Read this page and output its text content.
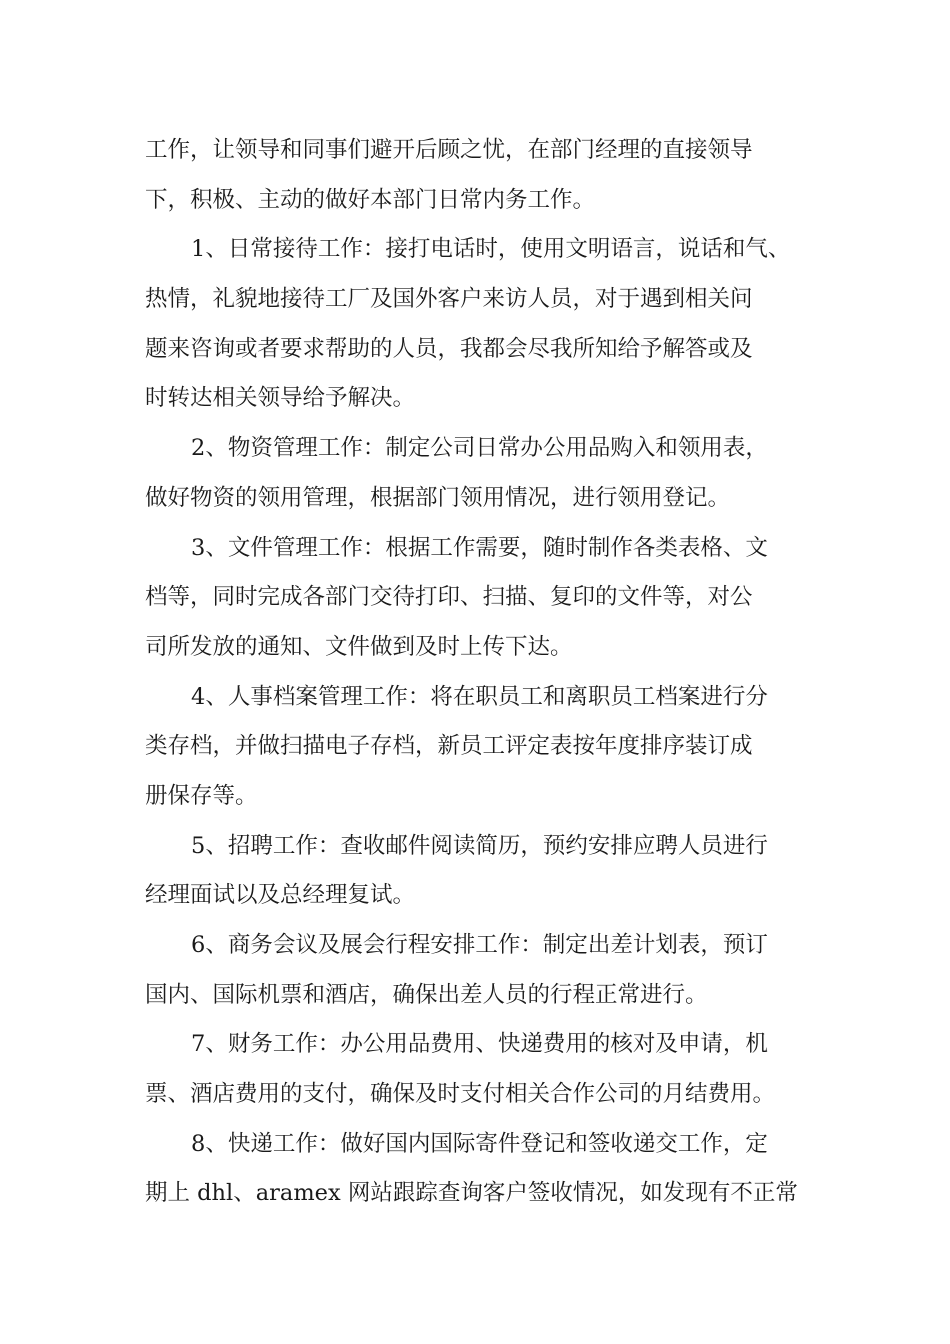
工作，让领导和同事们避开后顾之忧，在部门经理的直接领导
下，积极、主动的做好本部门日常内务工作。
1、日常接待工作：接打电话时，使用文明语言，说话和气、
热情，礼貌地接待工厂及国外客户来访人员，对于遇到相关问
题来咨询或者要求帮助的人员，我都会尽我所知给予解答或及
时转达相关领导给予解决。
2、物资管理工作：制定公司日常办公用品购入和领用表，
做好物资的领用管理，根据部门领用情况，进行领用登记。
3、文件管理工作：根据工作需要，随时制作各类表格、文
档等，同时完成各部门交待打印、扫描、复印的文件等，对公
司所发放的通知、文件做到及时上传下达。
4、人事档案管理工作：将在职员工和离职员工档案进行分
类存档，并做扫描电子存档，新员工评定表按年度排序装订成
册保存等。
5、招聘工作：查收邮件阅读简历，预约安排应聘人员进行
经理面试以及总经理复试。
6、商务会议及展会行程安排工作：制定出差计划表，预订
国内、国际机票和酒店，确保出差人员的行程正常进行。
7、财务工作：办公用品费用、快递费用的核对及申请，机
票、酒店费用的支付，确保及时支付相关合作公司的月结费用。
8、快递工作：做好国内国际寄件登记和签收递交工作，定
期上 dhl、aramex 网站跟踪查询客户签收情况，如发现有不正常
